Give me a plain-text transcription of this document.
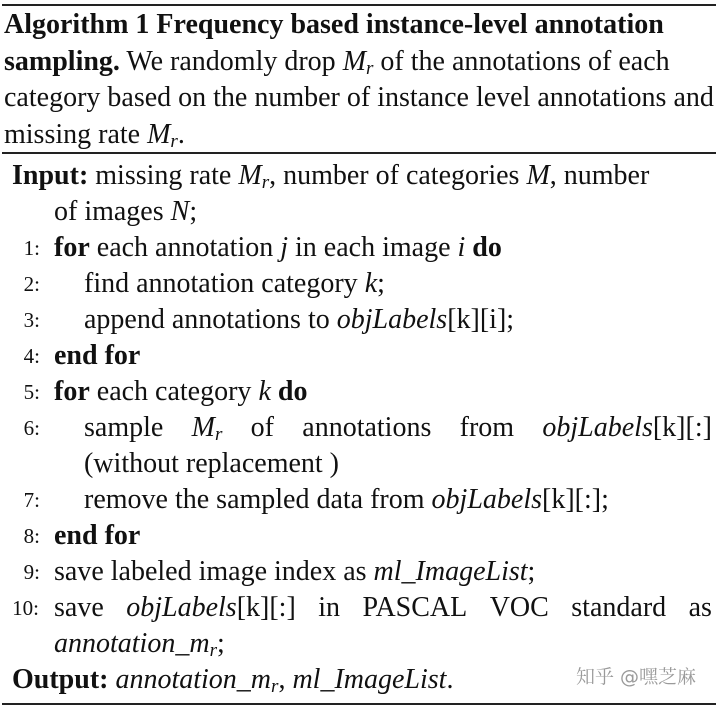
Algorithm 1 Frequency based instance-level annotation sampling. We randomly drop $M_r$ of the annotations of each category based on the number of instance level annotations and missing rate $M_r$.
Input: missing rate $M_r$, number of categories M, number
of images N;
1: for each annotation j in each image i do
2: find annotation category k;
3: append annotations to objLabels[k][i];
4: end for
5: for each category k do
6: sample $M_r$ of annotations from objLabels[k][:]
(without replacement )
7: remove the sampled data from objLabels[k][:];
8: end for
9: save labeled image index as ml_ImageList;
10: save objLabels[k][:] in PASCAL VOC standard as
$annotation\_m_r$;
Output: $annotation\_m_r$, ml_ImageList.	知乎 @嘿芝麻
